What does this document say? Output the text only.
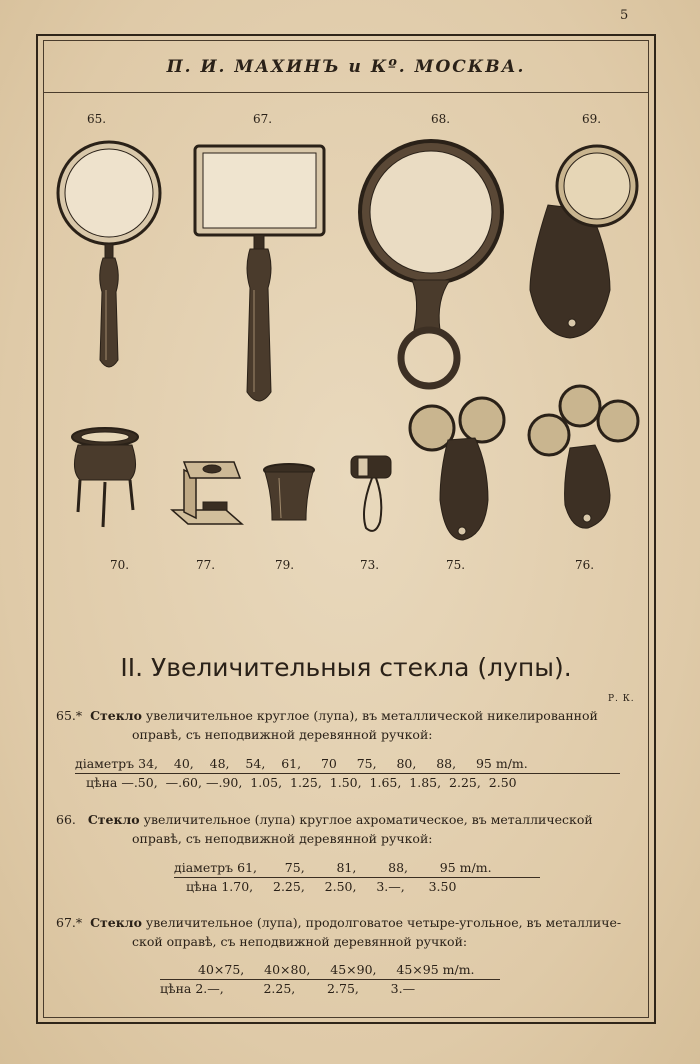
5
П. И. МАХИНЪ и Кº. МОСКВА.
65.	67.	68.	69.
70.	77.	79.	73.	75.	76.
II. Увеличительныя стекла (лупы).
Р. К.
65.* Стекло увеличительное круглое (лупа), въ металлической никелированной
оправѣ, съ неподвижной деревянной ручкой:
діаметръ 34,    40,    48,    54,    61,     70     75,     80,     88,     95 m/m.
цѣна —.50,  —.60, —.90,  1.05,  1.25,  1.50,  1.65,  1.85,  2.25,  2.50
66. Стекло увеличительное (лупа) круглое ахроматическое, въ металлической
оправѣ, съ неподвижной деревянной ручкой:
діаметръ 61,       75,        81,        88,        95 m/m.
цѣна 1.70,     2.25,     2.50,     3.—,      3.50
67.* Стекло увеличительное (лупа), продолговатое четыре-угольное, въ металличе-
ской оправѣ, съ неподвижной деревянной ручкой:
40×75,     40×80,     45×90,     45×95 m/m.
цѣна 2.—,          2.25,        2.75,        3.—
